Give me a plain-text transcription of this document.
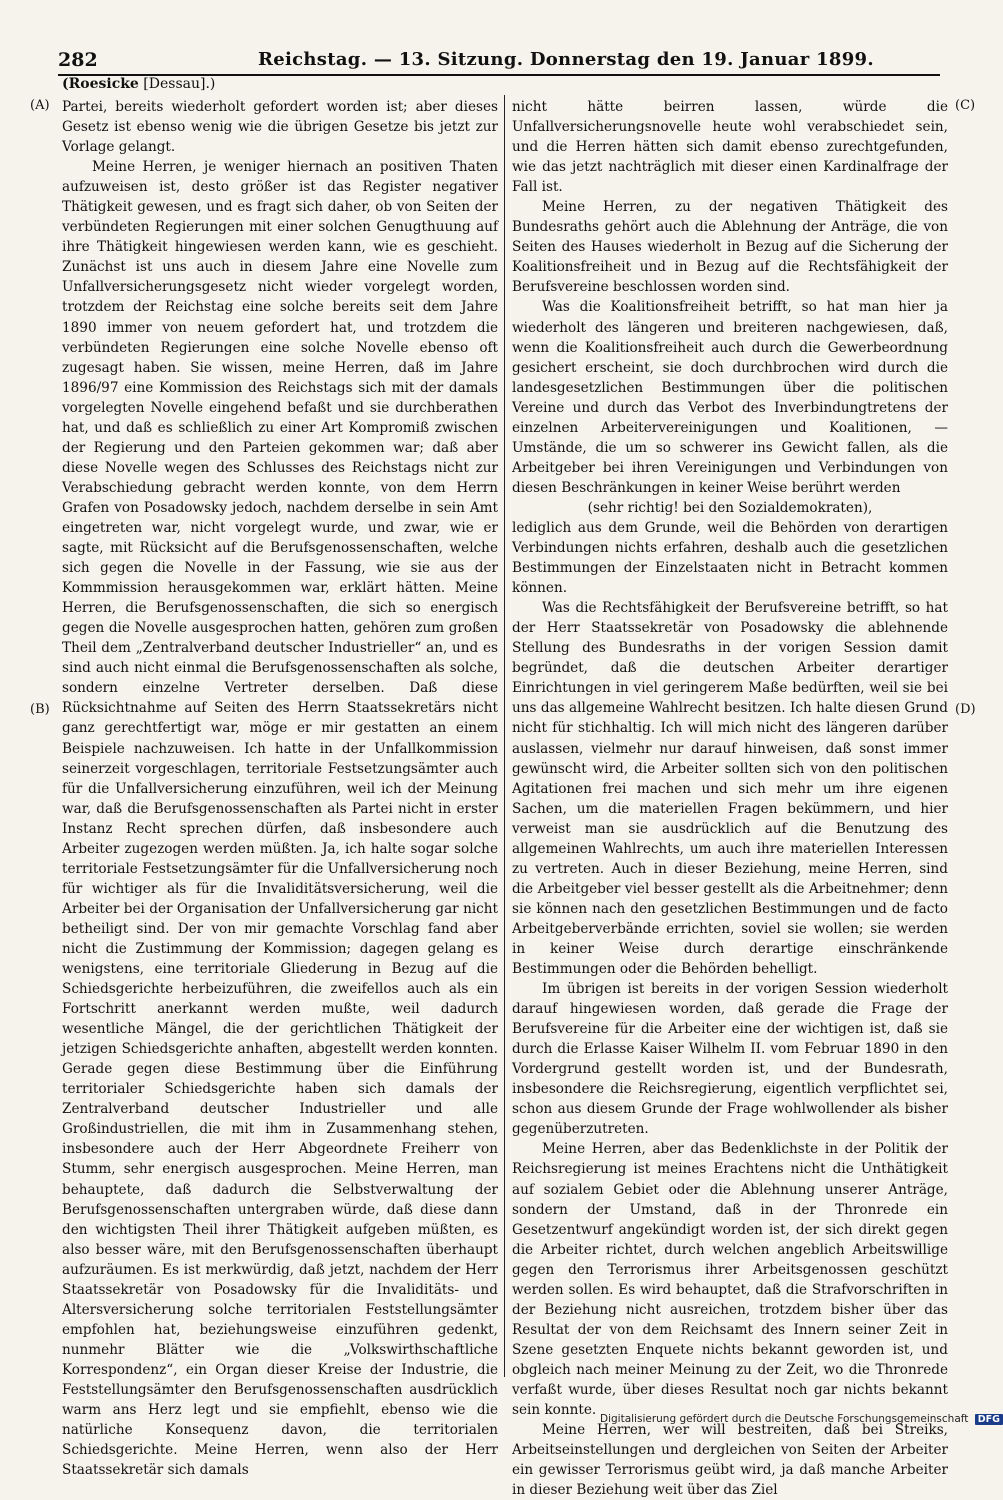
282	Reichstag. — 13. Sitzung. Donnerstag den 19. Januar 1899.
(Roesicke [Dessau].)
(A)
(B)
(C)
(D)

Partei, bereits wiederholt gefordert worden ist; aber dieses Gesetz ist ebenso wenig wie die übrigen Gesetze bis jetzt zur Vorlage gelangt.

Meine Herren, je weniger hiernach an positiven Thaten aufzuweisen ist, desto größer ist das Register negativer Thätigkeit gewesen, und es fragt sich daher, ob von Seiten der verbündeten Regierungen mit einer solchen Genugthuung auf ihre Thätigkeit hingewiesen werden kann, wie es geschieht. Zunächst ist uns auch in diesem Jahre eine Novelle zum Unfallversicherungsgesetz nicht wieder vorgelegt worden, trotzdem der Reichstag eine solche bereits seit dem Jahre 1890 immer von neuem gefordert hat, und trotzdem die verbündeten Regierungen eine solche Novelle ebenso oft zugesagt haben. Sie wissen, meine Herren, daß im Jahre 1896/97 eine Kommission des Reichstags sich mit der damals vorgelegten Novelle eingehend befaßt und sie durchberathen hat, und daß es schließlich zu einer Art Kompromiß zwischen der Regierung und den Parteien gekommen war; daß aber diese Novelle wegen des Schlusses des Reichstags nicht zur Verabschiedung gebracht werden konnte, von dem Herrn Grafen von Posadowsky jedoch, nachdem derselbe in sein Amt eingetreten war, nicht vorgelegt wurde, und zwar, wie er sagte, mit Rücksicht auf die Berufsgenossenschaften, welche sich gegen die Novelle in der Fassung, wie sie aus der Kommmission herausgekommen war, erklärt hätten. Meine Herren, die Berufsgenossenschaften, die sich so energisch gegen die Novelle ausgesprochen hatten, gehören zum großen Theil dem „Zentralverband deutscher Industrieller“ an, und es sind auch nicht einmal die Berufsgenossenschaften als solche, sondern einzelne Vertreter derselben. Daß diese Rücksichtnahme auf Seiten des Herrn Staatssekretärs nicht ganz gerechtfertigt war, möge er mir gestatten an einem Beispiele nachzuweisen. Ich hatte in der Unfallkommission seinerzeit vorgeschlagen, territoriale Festsetzungsämter auch für die Unfallversicherung einzuführen, weil ich der Meinung war, daß die Berufsgenossenschaften als Partei nicht in erster Instanz Recht sprechen dürfen, daß insbesondere auch Arbeiter zugezogen werden müßten. Ja, ich halte sogar solche territoriale Festsetzungsämter für die Unfallversicherung noch für wichtiger als für die Invaliditätsversicherung, weil die Arbeiter bei der Organisation der Unfallversicherung gar nicht betheiligt sind. Der von mir gemachte Vorschlag fand aber nicht die Zustimmung der Kommission; dagegen gelang es wenigstens, eine territoriale Gliederung in Bezug auf die Schiedsgerichte herbeizuführen, die zweifellos auch als ein Fortschritt anerkannt werden mußte, weil dadurch wesentliche Mängel, die der gerichtlichen Thätigkeit der jetzigen Schiedsgerichte anhaften, abgestellt werden konnten. Gerade gegen diese Bestimmung über die Einführung territorialer Schiedsgerichte haben sich damals der Zentralverband deutscher Industrieller und alle Großindustriellen, die mit ihm in Zusammenhang stehen, insbesondere auch der Herr Abgeordnete Freiherr von Stumm, sehr energisch ausgesprochen. Meine Herren, man behauptete, daß dadurch die Selbstverwaltung der Berufsgenossenschaften untergraben würde, daß diese dann den wichtigsten Theil ihrer Thätigkeit aufgeben müßten, es also besser wäre, mit den Berufsgenossenschaften überhaupt aufzuräumen. Es ist merkwürdig, daß jetzt, nachdem der Herr Staatssekretär von Posadowsky für die Invaliditäts- und Altersversicherung solche territorialen Feststellungsämter empfohlen hat, beziehungsweise einzuführen gedenkt, nunmehr Blätter wie die „Volkswirthschaftliche Korrespondenz“, ein Organ dieser Kreise der Industrie, die Feststellungsämter den Berufsgenossenschaften ausdrücklich warm ans Herz legt und sie empfiehlt, ebenso wie die natürliche Konsequenz davon, die territorialen Schiedsgerichte. Meine Herren, wenn also der Herr Staatssekretär sich damals

nicht hätte beirren lassen, würde die Unfallversicherungsnovelle heute wohl verabschiedet sein, und die Herren hätten sich damit ebenso zurechtgefunden, wie das jetzt nachträglich mit dieser einen Kardinalfrage der Fall ist.

Meine Herren, zu der negativen Thätigkeit des Bundesraths gehört auch die Ablehnung der Anträge, die von Seiten des Hauses wiederholt in Bezug auf die Sicherung der Koalitionsfreiheit und in Bezug auf die Rechtsfähigkeit der Berufsvereine beschlossen worden sind.

Was die Koalitionsfreiheit betrifft, so hat man hier ja wiederholt des längeren und breiteren nachgewiesen, daß, wenn die Koalitionsfreiheit auch durch die Gewerbeordnung gesichert erscheint, sie doch durchbrochen wird durch die landesgesetzlichen Bestimmungen über die politischen Vereine und durch das Verbot des Inverbindungtretens der einzelnen Arbeitervereinigungen und Koalitionen, — Umstände, die um so schwerer ins Gewicht fallen, als die Arbeitgeber bei ihren Vereinigungen und Verbindungen von diesen Beschränkungen in keiner Weise berührt werden

(sehr richtig! bei den Sozialdemokraten),

lediglich aus dem Grunde, weil die Behörden von derartigen Verbindungen nichts erfahren, deshalb auch die gesetzlichen Bestimmungen der Einzelstaaten nicht in Betracht kommen können.

Was die Rechtsfähigkeit der Berufsvereine betrifft, so hat der Herr Staatssekretär von Posadowsky die ablehnende Stellung des Bundesraths in der vorigen Session damit begründet, daß die deutschen Arbeiter derartiger Einrichtungen in viel geringerem Maße bedürften, weil sie bei uns das allgemeine Wahlrecht besitzen. Ich halte diesen Grund nicht für stichhaltig. Ich will mich nicht des längeren darüber auslassen, vielmehr nur darauf hinweisen, daß sonst immer gewünscht wird, die Arbeiter sollten sich von den politischen Agitationen frei machen und sich mehr um ihre eigenen Sachen, um die materiellen Fragen bekümmern, und hier verweist man sie ausdrücklich auf die Benutzung des allgemeinen Wahlrechts, um auch ihre materiellen Interessen zu vertreten. Auch in dieser Beziehung, meine Herren, sind die Arbeitgeber viel besser gestellt als die Arbeitnehmer; denn sie können nach den gesetzlichen Bestimmungen und de facto Arbeitgeberverbände errichten, soviel sie wollen; sie werden in keiner Weise durch derartige einschränkende Bestimmungen oder die Behörden behelligt.

Im übrigen ist bereits in der vorigen Session wiederholt darauf hingewiesen worden, daß gerade die Frage der Berufsvereine für die Arbeiter eine der wichtigen ist, daß sie durch die Erlasse Kaiser Wilhelm II. vom Februar 1890 in den Vordergrund gestellt worden ist, und der Bundesrath, insbesondere die Reichsregierung, eigentlich verpflichtet sei, schon aus diesem Grunde der Frage wohlwollender als bisher gegenüberzutreten.

Meine Herren, aber das Bedenklichste in der Politik der Reichsregierung ist meines Erachtens nicht die Unthätigkeit auf sozialem Gebiet oder die Ablehnung unserer Anträge, sondern der Umstand, daß in der Thronrede ein Gesetzentwurf angekündigt worden ist, der sich direkt gegen die Arbeiter richtet, durch welchen angeblich Arbeitswillige gegen den Terrorismus ihrer Arbeitsgenossen geschützt werden sollen. Es wird behauptet, daß die Strafvorschriften in der Beziehung nicht ausreichen, trotzdem bisher über das Resultat der von dem Reichsamt des Innern seiner Zeit in Szene gesetzten Enquete nichts bekannt geworden ist, und obgleich nach meiner Meinung zu der Zeit, wo die Thronrede verfaßt wurde, über dieses Resultat noch gar nichts bekannt sein konnte.

Meine Herren, wer will bestreiten, daß bei Streiks, Arbeitseinstellungen und dergleichen von Seiten der Arbeiter ein gewisser Terrorismus geübt wird, ja daß manche Arbeiter in dieser Beziehung weit über das Ziel

Digitalisierung gefördert durch die Deutsche Forschungsgemeinschaft DFG
